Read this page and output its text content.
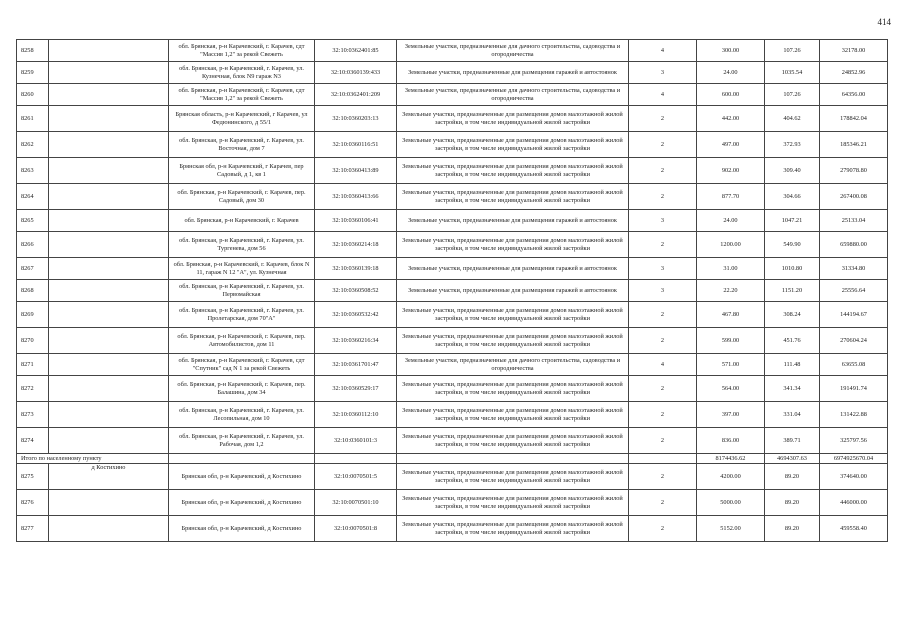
414
8258		обл. Брянская, р-н Карачевский, г. Карачев, сдт "Массив 1,2" за рекой Свежеть	32:10:0362401:85	Земельные участки, предназначенные для дачного строительства, садоводства и огородничества	4	300.00	107.26	32178.00
8259		обл. Брянская, р-н Карачевский, г. Карачев, ул. Кузнечная, блок N9 гараж N3	32:10:0360139:433	Земельные участки, предназначенные для размещения гаражей и автостоянок	3	24.00	1035.54	24852.96
8260		обл. Брянская, р-н Карачевский, г. Карачев, сдт "Массив 1,2" за рекой Свежеть	32:10:0362401:209	Земельные участки, предназначенные для дачного строительства, садоводства и огородничества	4	600.00	107.26	64356.00
8261		Брянская область, р-н Карачевский, г Карачев, ул Федюнинского, д 55/1	32:10:0360203:13	Земельные участки, предназначенные для размещения домов малоэтажной жилой застройки, в том числе индивидуальной жилой застройки	2	442.00	404.62	178842.04
8262		обл. Брянская, р-н Карачевский, г. Карачев, ул. Восточная, дом 7	32:10:0360116:51	Земельные участки, предназначенные для размещения домов малоэтажной жилой застройки, в том числе индивидуальной жилой застройки	2	497.00	372.93	185346.21
8263		Брянская обл, р-н Карачевский, г Карачев, пер Садовый, д 1, кв 1	32:10:0360413:89	Земельные участки, предназначенные для размещения домов малоэтажной жилой застройки, в том числе индивидуальной жилой застройки	2	902.00	309.40	279078.80
8264		обл. Брянская, р-н Карачевский, г. Карачев, пер. Садовый, дом 30	32:10:0360413:66	Земельные участки, предназначенные для размещения домов малоэтажной жилой застройки, в том числе индивидуальной жилой застройки	2	877.70	304.66	267400.08
8265		обл. Брянская, р-н Карачевский, г. Карачев	32:10:0360106:41	Земельные участки, предназначенные для размещения гаражей и автостоянок	3	24.00	1047.21	25133.04
8266		обл. Брянская, р-н Карачевский, г. Карачев, ул. Тургенева, дом 56	32:10:0360214:18	Земельные участки, предназначенные для размещения домов малоэтажной жилой застройки, в том числе индивидуальной жилой застройки	2	1200.00	549.90	659880.00
8267		обл. Брянская, р-н Карачевский, г. Карачев, блок N 11, гараж N 12 "А", ул. Кузнечная	32:10:0360139:18	Земельные участки, предназначенные для размещения гаражей и автостоянок	3	31.00	1010.80	31334.80
8268		обл. Брянская, р-н Карачевский, г. Карачев, ул. Первомайская	32:10:0360508:52	Земельные участки, предназначенные для размещения гаражей и автостоянок	3	22.20	1151.20	25556.64
8269		обл. Брянская, р-н Карачевский, г. Карачев, ул. Пролетарская, дом 70"А"	32:10:0360532:42	Земельные участки, предназначенные для размещения домов малоэтажной жилой застройки, в том числе индивидуальной жилой застройки	2	467.80	308.24	144194.67
8270		обл. Брянская, р-н Карачевский, г. Карачев, пер. Автомобилистов, дом 11	32:10:0360216:34	Земельные участки, предназначенные для размещения домов малоэтажной жилой застройки, в том числе индивидуальной жилой застройки	2	599.00	451.76	270604.24
8271		обл. Брянская, р-н Карачевский, г. Карачев, сдт "Спутник" сад N 1 за рекой Свежеть	32:10:0361701:47	Земельные участки, предназначенные для дачного строительства, садоводства и огородничества	4	571.00	111.48	63655.08
8272		обл. Брянская, р-н Карачевский, г. Карачев, пер. Балашина, дом 34	32:10:0360529:17	Земельные участки, предназначенные для размещения домов малоэтажной жилой застройки, в том числе индивидуальной жилой застройки	2	564.00	341.34	191491.74
8273		обл. Брянская, р-н Карачевский, г. Карачев, ул. Лесопильная, дом 10	32:10:0360112:10	Земельные участки, предназначенные для размещения домов малоэтажной жилой застройки, в том числе индивидуальной жилой застройки	2	397.00	331.04	131422.88
8274		обл. Брянская, р-н Карачевский, г. Карачев, ул. Рабочая, дом 1,2	32:10:0360101:3	Земельные участки, предназначенные для размещения домов малоэтажной жилой застройки, в том числе индивидуальной жилой застройки	2	836.00	389.71	325797.56
Итого по населенному пункту						8174436.62	4694307.63	6974925670.04
8275	д Костихино	Брянская обл, р-н Карачевский, д Костихино	32:10:0070501:5	Земельные участки, предназначенные для размещения домов малоэтажной жилой застройки, в том числе индивидуальной жилой застройки	2	4200.00	89.20	374640.00
8276		Брянская обл, р-н Карачевский, д Костихино	32:10:0070501:10	Земельные участки, предназначенные для размещения домов малоэтажной жилой застройки, в том числе индивидуальной жилой застройки	2	5000.00	89.20	446000.00
8277		Брянская обл, р-н Карачевский, д Костихино	32:10:0070501:8	Земельные участки, предназначенные для размещения домов малоэтажной жилой застройки, в том числе индивидуальной жилой застройки	2	5152.00	89.20	459558.40
